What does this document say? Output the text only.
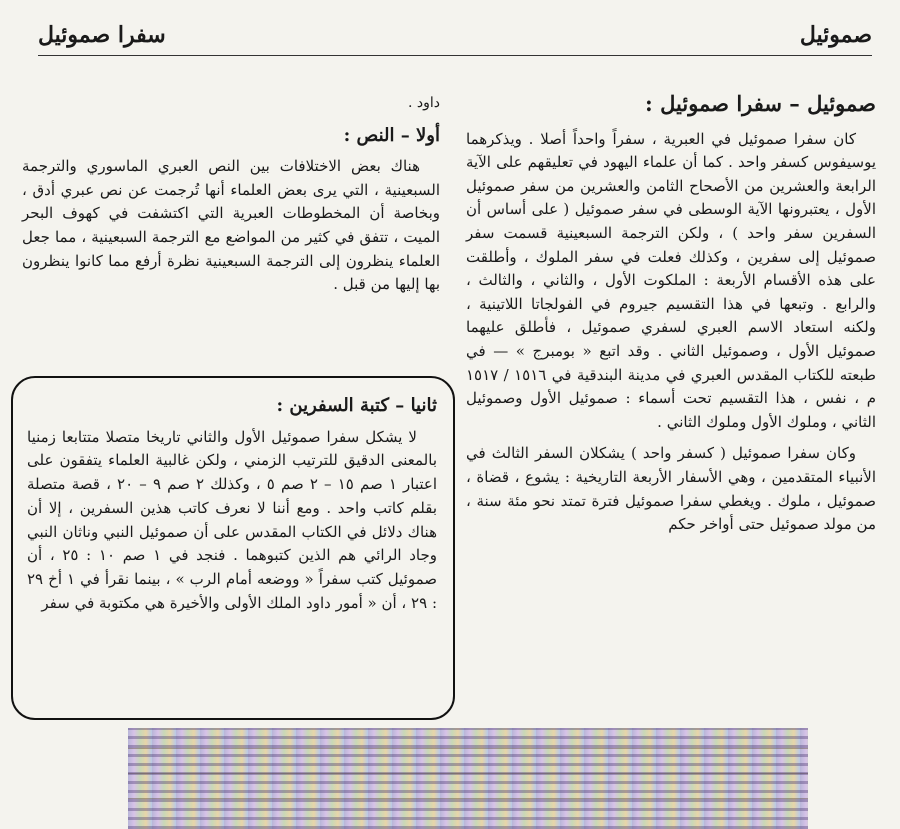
صموئيل
سفرا صموئيل
صموئيل – سفرا صموئيل :

كان سفرا صموئيل في العبرية ، سفراً واحداً أصلا . ويذكرهما يوسيفوس كسفر واحد . كما أن علماء اليهود في تعليقهم على الآية الرابعة والعشرين من الأصحاح الثامن والعشرين من سفر صموئيل الأول ، يعتبرونها الآية الوسطى في سفر صموئيل ( على أساس أن السفرين سفر واحد ) ، ولكن الترجمة السبعينية قسمت سفر صموئيل إلى سفرين ، وكذلك فعلت في سفر الملوك ، وأطلقت على هذه الأقسام الأربعة : الملكوت الأول ، والثاني ، والثالث ، والرابع . وتبعها في هذا التقسيم جيروم في الفولجاتا اللاتينية ، ولكنه استعاد الاسم العبري لسفري صموئيل ، فأطلق عليهما صموئيل الأول ، وصموئيل الثاني . وقد اتبع « بومبرج » — في طبعته للكتاب المقدس العبري في مدينة البندقية في ١٥١٦ / ١٥١٧ م ، نفس ، هذا التقسيم تحت أسماء : صموئيل الأول وصموئيل الثاني ، وملوك الأول وملوك الثاني .

وكان سفرا صموئيل ( كسفر واحد ) يشكلان السفر الثالث في الأنبياء المتقدمين ، وهي الأسفار الأربعة التاريخية : يشوع ، قضاة ، صموئيل ، ملوك . ويغطي سفرا صموئيل فترة تمتد نحو مئة سنة ، من مولد صموئيل حتى أواخر حكم

داود .

أولا – النص :

هناك بعض الاختلافات بين النص العبري الماسوري والترجمة السبعينية ، التي يرى بعض العلماء أنها تُرجمت عن نص عبري أدق ، وبخاصة أن المخطوطات العبرية التي اكتشفت في كهوف البحر الميت ، تتفق في كثير من المواضع مع الترجمة السبعينية ، مما جعل العلماء ينظرون إلى الترجمة السبعينية نظرة أرفع مما كانوا ينظرون بها إليها من قبل .

ثانيا – كتبة السفرين :

لا يشكل سفرا صموئيل الأول والثاني تاريخا متصلا متتابعا زمنيا بالمعنى الدقيق للترتيب الزمني ، ولكن غالبية العلماء يتفقون على اعتبار ١ صم ١٥ – ٢ صم ٥ ، وكذلك ٢ صم ٩ – ٢٠ ، قصة متصلة بقلم كاتب واحد . ومع أننا لا نعرف كاتب هذين السفرين ، إلا أن هناك دلائل في الكتاب المقدس على أن صموئيل النبي وناثان النبي وجاد الرائي هم الذين كتبوهما . فنجد في ١ صم ١٠ : ٢٥ ، أن صموئيل كتب سفراً « ووضعه أمام الرب » ، بينما نقرأ في ١ أخ ٢٩ : ٢٩ ، أن « أمور داود الملك الأولى والأخيرة هي مكتوبة في سفر
